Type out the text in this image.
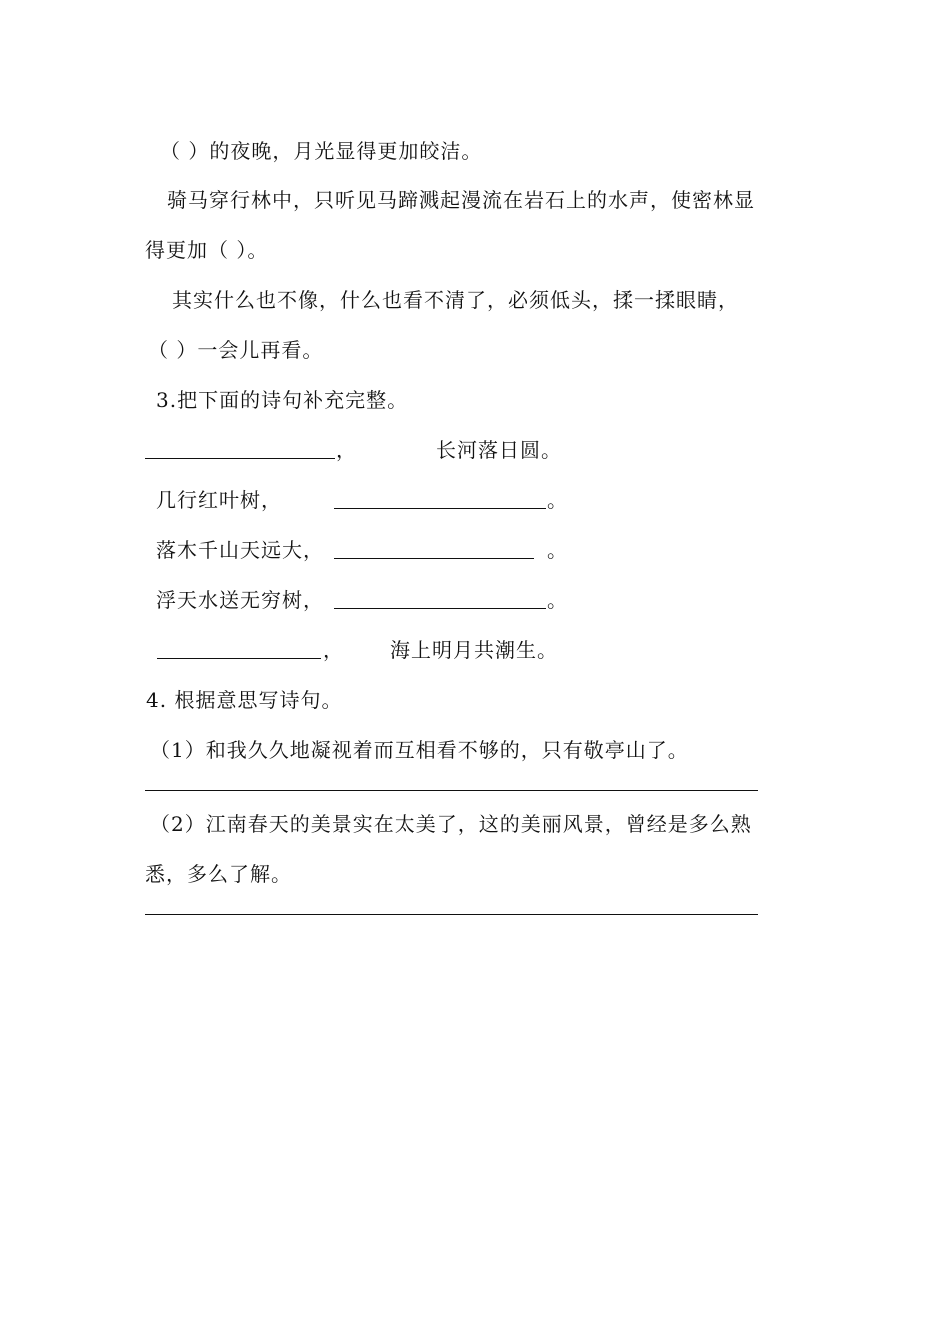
（ ）的夜晚，月光显得更加皎洁。
骑马穿行林中，只听见马蹄溅起漫流在岩石上的水声，使密林显
得更加（ ）。
其实什么也不像，什么也看不清了，必须低头，揉一揉眼睛，
（ ）一会儿再看。
3.把下面的诗句补充完整。
，	长河落日圆。
几行红叶树，	。
落木千山天远大，	。
浮天水送无穷树，	。
， 海上明月共潮生。
4. 根据意思写诗句。
（1）和我久久地凝视着而互相看不够的，只有敬亭山了。
（2）江南春天的美景实在太美了，这的美丽风景，曾经是多么熟
悉，多么了解。
